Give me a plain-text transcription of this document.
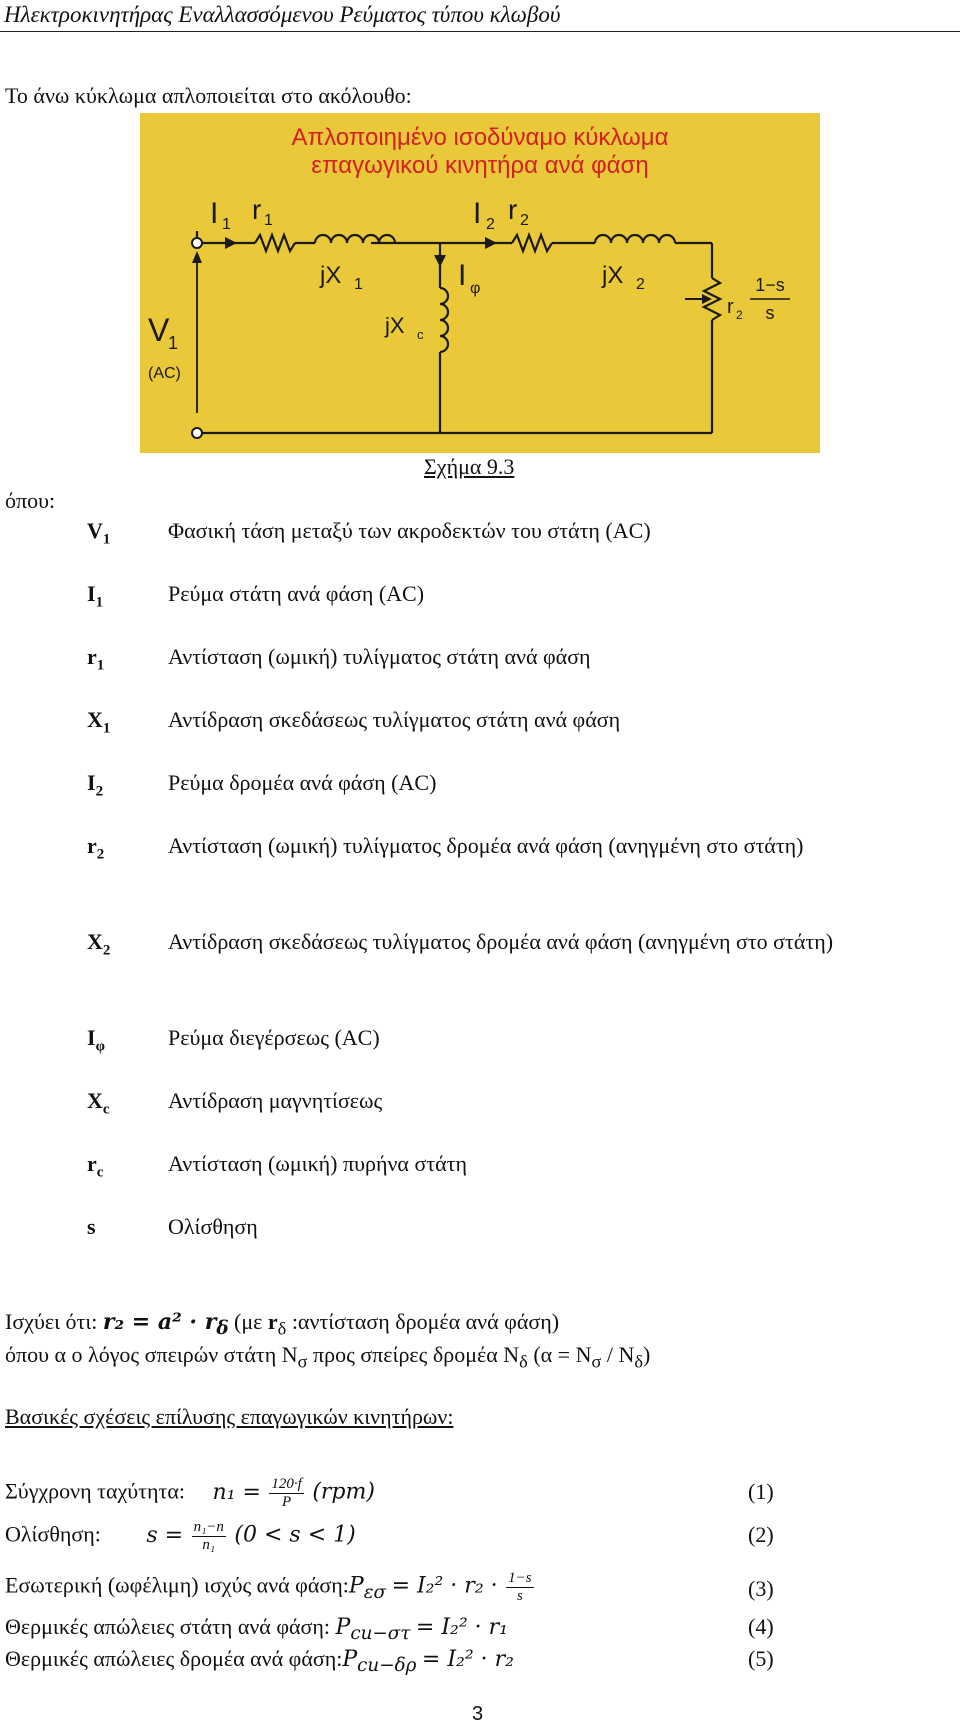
Ηλεκτροκινητήρας Εναλλασσόμενου Ρεύματος τύπου κλωβού
Το άνω κύκλωμα απλοποιείται στο ακόλουθο:
Απλοποιημένο ισοδύναμο κύκλωμα
επαγωγικού κινητήρα ανά φάση
I 1 r 1
jX 1
I 2 r 2
jX 2
I φ
jX c
V
1
(AC)
r 2
1−s
s
Σχήμα 9.3
όπου:
$V_1$	Φασική τάση μεταξύ των ακροδεκτών του στάτη (AC)
$I_1$	Ρεύμα στάτη ανά φάση (AC)
$r_1$	Αντίσταση (ωμική) τυλίγματος στάτη ανά φάση
$X_1$	Αντίδραση σκεδάσεως τυλίγματος στάτη ανά φάση
$I_2$	Ρεύμα δρομέα ανά φάση (AC)
$r_2$	Αντίσταση (ωμική) τυλίγματος δρομέα ανά φάση (ανηγμένη στο στάτη)
$X_2$	Αντίδραση σκεδάσεως τυλίγματος δρομέα ανά φάση (ανηγμένη στο στάτη)
$I_\varphi$	Ρεύμα διεγέρσεως (AC)
$X_c$	Αντίδραση μαγνητίσεως
$r_c$	Αντίσταση (ωμική) πυρήνα στάτη
s	Ολίσθηση
Ισχύει ότι: $r_2 = a^2 \cdot r_\delta$ (με $r_\delta$ :αντίσταση δρομέα ανά φάση)
όπου α ο λόγος σπειρών στάτη $N_\sigma$ προς σπείρες δρομέα $N_\delta$ $(\alpha = N_\sigma / N_\delta)$
Βασικές σχέσεις επίλυσης επαγωγικών κινητήρων:
Σύγχρονη ταχύτητα: $n_1 = \frac{120\cdot f}{P} (rpm)$	(1)
Ολίσθηση: $s = \frac{\text{n₁−n}}{\text{n₁}} (0 < s < 1)$	(2)
Εσωτερική (ωφέλιμη) ισχύς ανά $\varphi ά\sigma\eta:P_{\varepsilon\sigma} = I_2^2 \cdot r_2 \cdot \frac{1-s}{s}$	(3)
Θερμικές απώλειες στάτη ανά φάση: $P_{cu-\sigma\tau} = I_2^2 \cdot r_1$	(4)
Θερμικές απώλειες δρομέα ανά $\varphi ά\sigma\eta:P_{cu-\delta\rho} = I_2^2 \cdot r_2$	(5)
3
